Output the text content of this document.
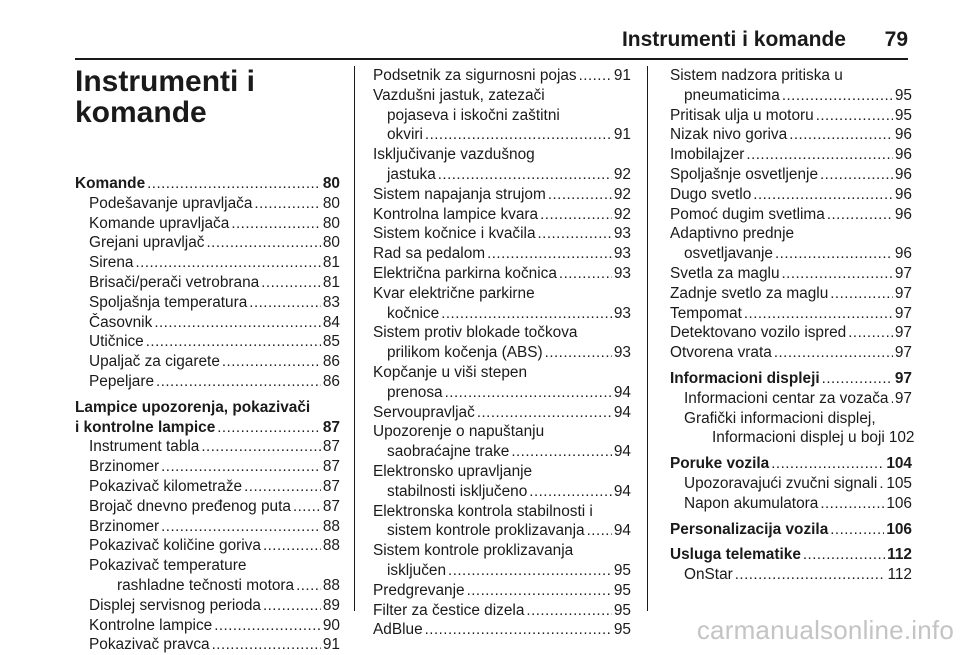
Instrumenti i komande 79
Instrumenti i
komande
Komande .....	80
Podešavanje upravljača .....	80
Komande upravljača .....	80
Grejani upravljač .....	80
Sirena .....	81
Brisači/perači vetrobrana .....	81
Spoljašnja temperatura .....	83
Časovnik .....	84
Utičnice .....	85
Upaljač za cigarete .....	86
Pepeljare .....	86
Lampice upozorenja, pokazivači
i kontrolne lampice .....	87
Instrument tabla .....	87
Brzinomer .....	87
Pokazivač kilometraže .....	87
Brojač dnevno pređenog puta ..... 87
Brzinomer .....	88
Pokazivač količine goriva .....	88
Pokazivač temperature
rashladne tečnosti motora ..... 88
Displej servisnog perioda .....	89
Kontrolne lampice .....	90
Pokazivač pravca .....	91
Podsetnik za sigurnosni pojas ..... 91
Vazdušni jastuk, zatezači
pojaseva i iskočni zaštitni
okviri .....	91
Isključivanje vazdušnog
jastuka .....	92
Sistem napajanja strujom .....	92
Kontrolna lampice kvara .....	92
Sistem kočnice i kvačila .....	93
Rad sa pedalom .....	93
Električna parkirna kočnica .....	93
Kvar električne parkirne
kočnice .....	93
Sistem protiv blokade točkova
prilikom kočenja (ABS) .....	93
Kopčanje u viši stepen
prenosa .....	94
Servoupravljač .....	94
Upozorenje o napuštanju
saobraćajne trake .....	94
Elektronsko upravljanje
stabilnosti isključeno .....	94
Elektronska kontrola stabilnosti i
sistem kontrole proklizavanja ..... 94
Sistem kontrole proklizavanja
isključen .....	95
Predgrevanje .....	95
Filter za čestice dizela .....	95
AdBlue .....	95
Sistem nadzora pritiska u
pneumaticima .....	95
Pritisak ulja u motoru .....	95
Nizak nivo goriva .....	96
Imobilajzer .....	96
Spoljašnje osvetljenje .....	96
Dugo svetlo .....	96
Pomoć dugim svetlima .....	96
Adaptivno prednje
osvetljavanje .....	96
Svetla za maglu .....	97
Zadnje svetlo za maglu .....	97
Tempomat .....	97
Detektovano vozilo ispred .....	97
Otvorena vrata .....	97
Informacioni displeji .....	97
Informacioni centar za vozača ..... 97
Grafički informacioni displej,
Informacioni displej u boji 102
Poruke vozila .....	104
Upozoravajući zvučni signali ..... 105
Napon akumulatora .....	106
Personalizacija vozila .....	106
Usluga telematike .....	112
OnStar .....	112
carmanualsonline.info
